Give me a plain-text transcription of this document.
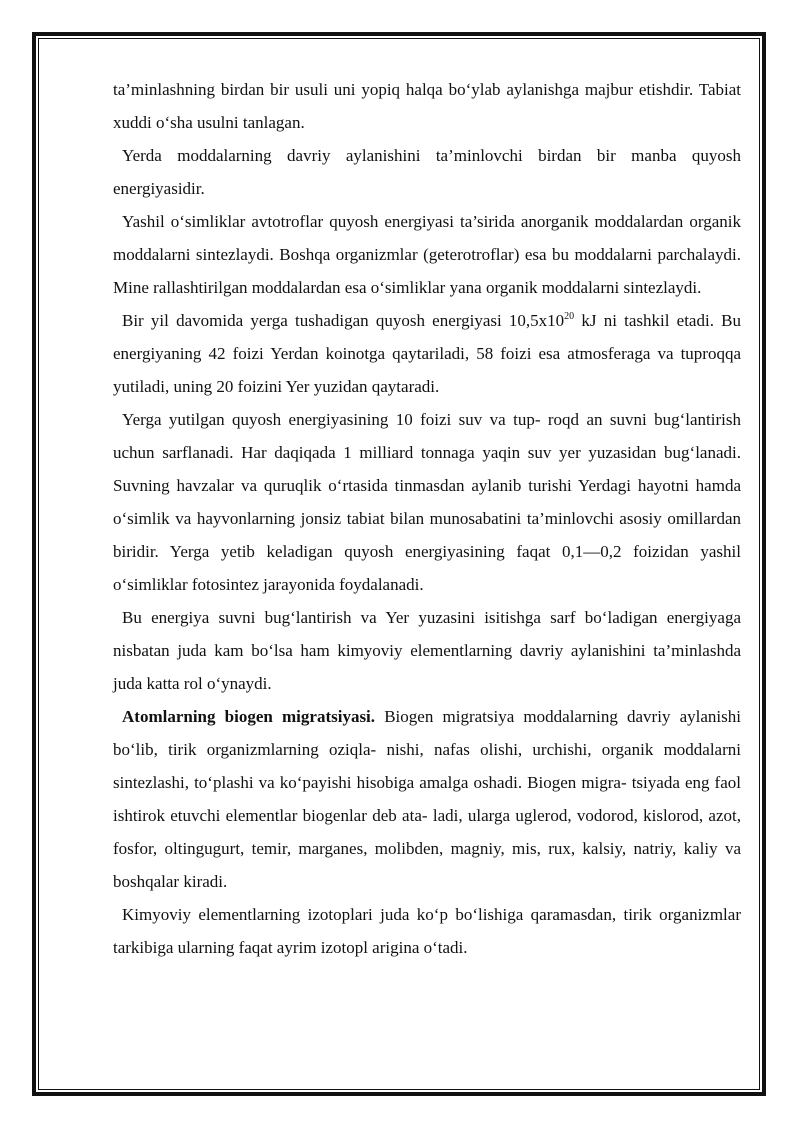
ta’minlashning birdan bir usuli uni yopiq halqa bo‘ylab aylanishga majbur etishdir. Tabiat xuddi o‘sha usulni tanlagan.

Yerda moddalarning davriy aylanishini ta’minlovchi birdan bir manba quyosh energiyasidir.

Yashil o‘simliklar avtotroflar quyosh energiyasi ta’sirida anorganik moddalardan organik moddalarni sintezlaydi. Boshqa organizmlar (geterotroflar) esa bu moddalarni parchalaydi. Mine rallashtirilgan moddalardan esa o‘simliklar yana organik moddalarni sintezlaydi.

Bir yil davomida yerga tushadigan quyosh energiyasi $10,5x10^{20}$ kJ ni tashkil etadi. Bu energiyaning 42 foizi Yerdan koinotga qaytariladi, 58 foizi esa atmosferaga va tuproqqa yutiladi, uning 20 foizini Yer yuzidan qaytaradi.

Yerga yutilgan quyosh energiyasining 10 foizi suv va tup- roqd an suvni bug‘lantirish uchun sarflanadi. Har daqiqada 1 milliard tonnaga yaqin suv yer yuzasidan bug‘lanadi. Suvning havzalar va quruqlik o‘rtasida tinmasdan aylanib turishi Yerdagi hayotni hamda o‘simlik va hayvonlarning jonsiz tabiat bilan munosabatini ta’minlovchi asosiy omillardan biridir. Yerga yetib keladigan quyosh energiyasining faqat 0,1—0,2 foizidan yashil o‘simliklar fotosintez jarayonida foydalanadi.

Bu energiya suvni bug‘lantirish va Yer yuzasini isitishga sarf bo‘ladigan energiyaga nisbatan juda kam bo‘lsa ham kimyoviy elementlarning davriy aylanishini ta’minlashda juda katta rol o‘ynaydi.

Atomlarning biogen migratsiyasi. Biogen migratsiya moddalarning davriy aylanishi bo‘lib, tirik organizmlarning oziqla- nishi, nafas olishi, urchishi, organik moddalarni sintezlashi, to‘plashi va ko‘payishi hisobiga amalga oshadi. Biogen migra- tsiyada eng faol ishtirok etuvchi elementlar biogenlar deb ata- ladi, ularga uglerod, vodorod, kislorod, azot, fosfor, oltingugurt, temir, marganes, molibden, magniy, mis, rux, kalsiy, natriy, kaliy va boshqalar kiradi.

Kimyoviy elementlarning izotoplari juda ko‘p bo‘lishiga qaramasdan, tirik organizmlar tarkibiga ularning faqat ayrim izotopl arigina o‘tadi.
